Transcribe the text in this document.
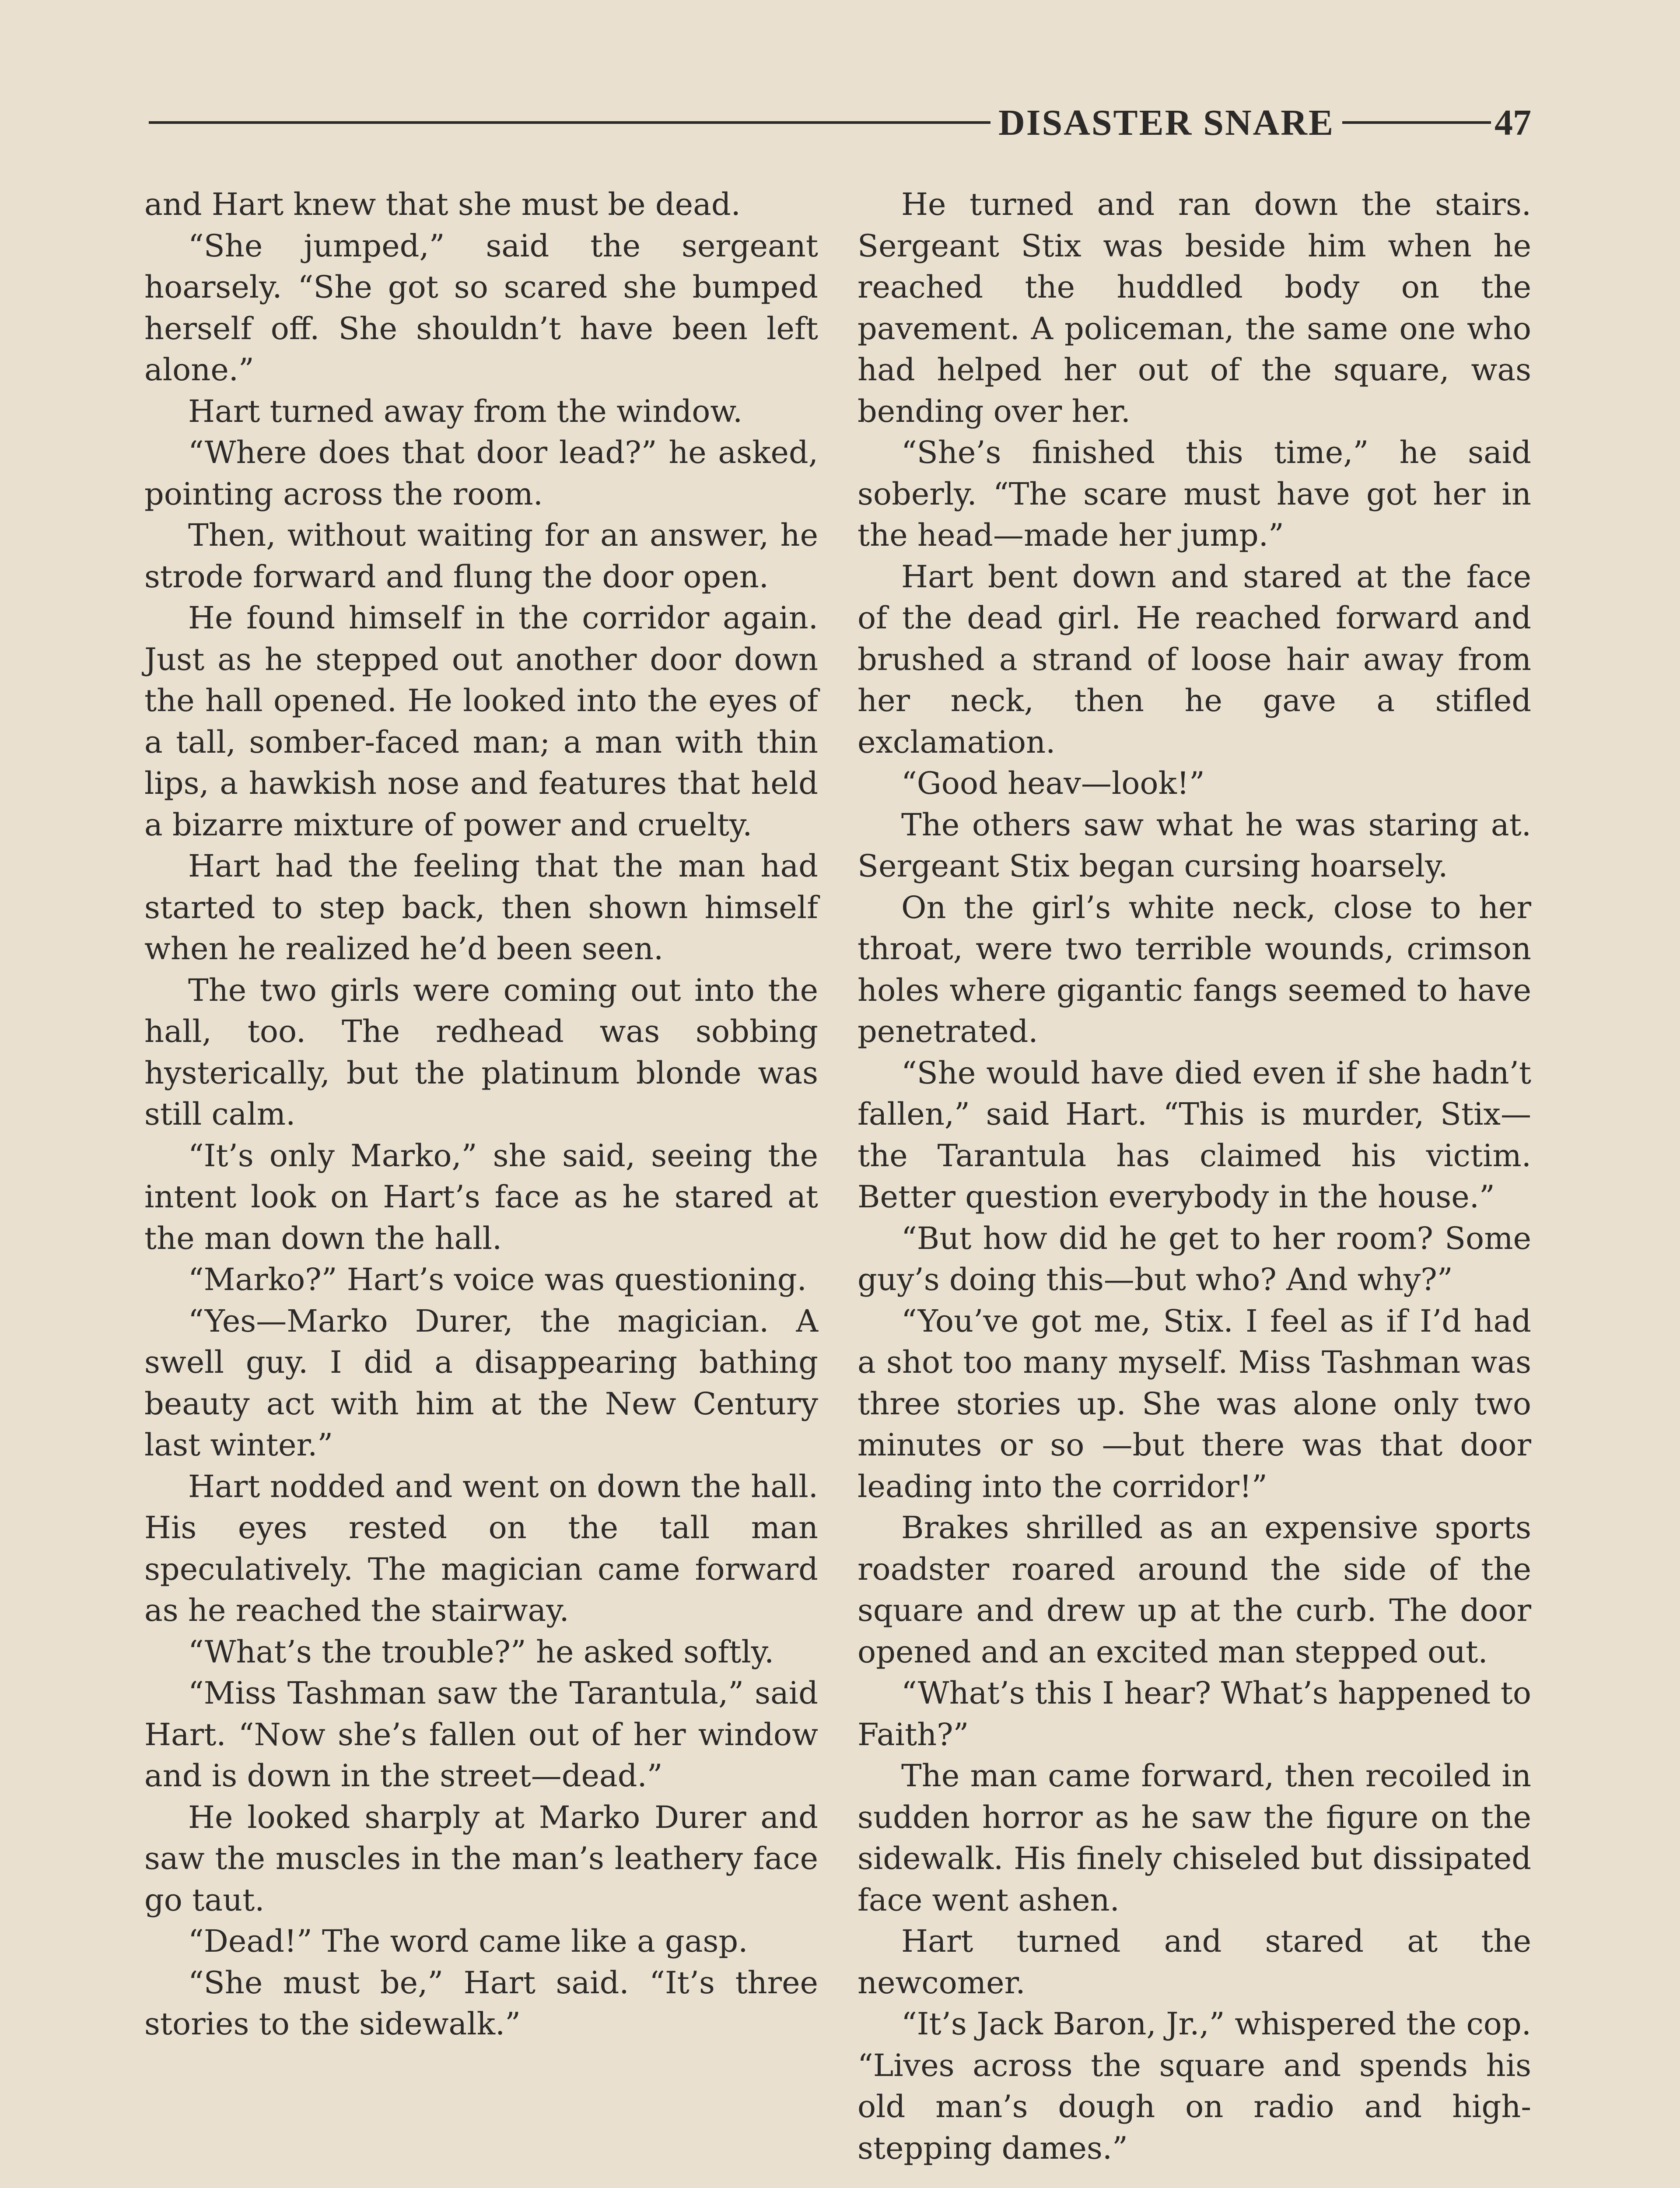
DISASTER SNARE	47

and Hart knew that she must be dead.

“She jumped,” said the sergeant hoarsely. “She got so scared she bumped herself off. She shouldn’t have been left alone.”

Hart turned away from the window.

“Where does that door lead?” he asked, pointing across the room.

Then, without waiting for an answer, he strode forward and flung the door open.

He found himself in the corridor again. Just as he stepped out another door down the hall opened. He looked into the eyes of a tall, somber-faced man; a man with thin lips, a hawkish nose and features that held a bizarre mixture of power and cruelty.

Hart had the feeling that the man had started to step back, then shown himself when he realized he’d been seen.

The two girls were coming out into the hall, too. The redhead was sobbing hysterically, but the platinum blonde was still calm.

“It’s only Marko,” she said, seeing the intent look on Hart’s face as he stared at the man down the hall.

“Marko?” Hart’s voice was questioning.

“Yes—Marko Durer, the magician. A swell guy. I did a disappearing bathing beauty act with him at the New Century last winter.”

Hart nodded and went on down the hall. His eyes rested on the tall man speculatively. The magician came forward as he reached the stairway.

“What’s the trouble?” he asked softly.

“Miss Tashman saw the Tarantula,” said Hart. “Now she’s fallen out of her window and is down in the street—dead.”

He looked sharply at Marko Durer and saw the muscles in the man’s leathery face go taut.

“Dead!” The word came like a gasp.

“She must be,” Hart said. “It’s three stories to the sidewalk.”

He turned and ran down the stairs. Sergeant Stix was beside him when he reached the huddled body on the pavement. A policeman, the same one who had helped her out of the square, was bending over her.

“She’s finished this time,” he said soberly. “The scare must have got her in the head—made her jump.”

Hart bent down and stared at the face of the dead girl. He reached forward and brushed a strand of loose hair away from her neck, then he gave a stifled exclamation.

“Good heav—look!”

The others saw what he was staring at. Sergeant Stix began cursing hoarsely.

On the girl’s white neck, close to her throat, were two terrible wounds, crimson holes where gigantic fangs seemed to have penetrated.

“She would have died even if she hadn’t fallen,” said Hart. “This is murder, Stix—the Tarantula has claimed his victim. Better question everybody in the house.”

“But how did he get to her room? Some guy’s doing this—but who? And why?”

“You’ve got me, Stix. I feel as if I’d had a shot too many myself. Miss Tashman was three stories up. She was alone only two minutes or so —but there was that door leading into the corridor!”

Brakes shrilled as an expensive sports roadster roared around the side of the square and drew up at the curb. The door opened and an excited man stepped out.

“What’s this I hear? What’s happened to Faith?”

The man came forward, then recoiled in sudden horror as he saw the figure on the sidewalk. His finely chiseled but dissipated face went ashen.

Hart turned and stared at the newcomer.

“It’s Jack Baron, Jr.,” whispered the cop. “Lives across the square and spends his old man’s dough on radio and high-stepping dames.”
